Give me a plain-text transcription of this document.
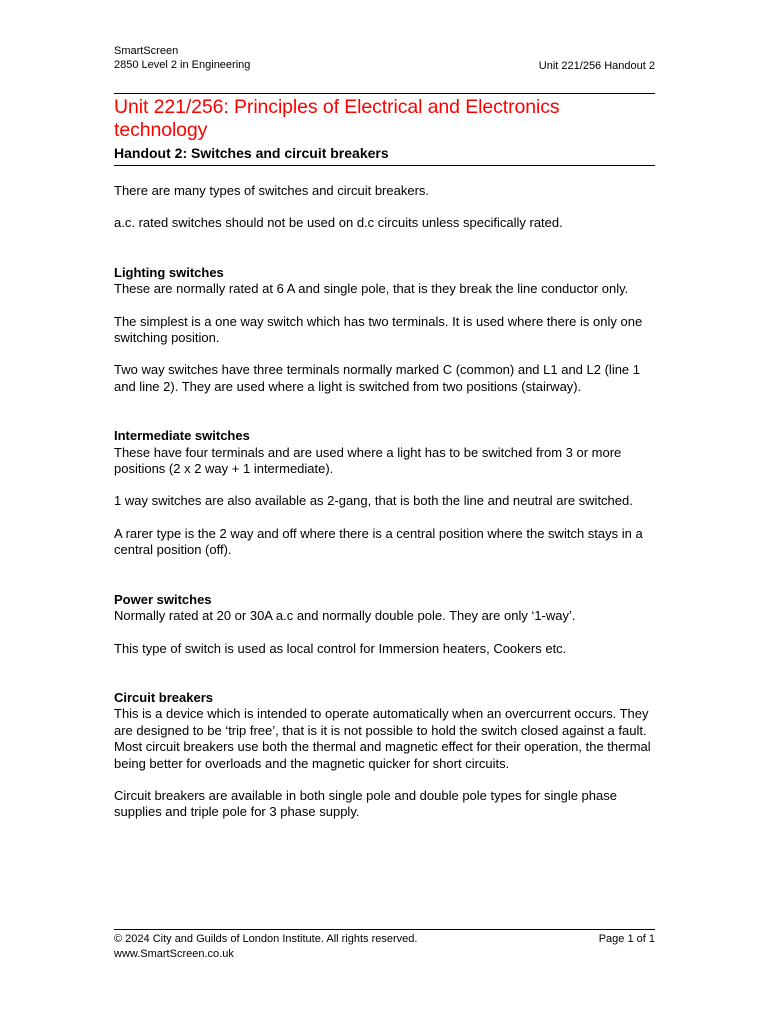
SmartScreen
2850 Level 2 in Engineering	Unit 221/256 Handout 2
Unit 221/256: Principles of Electrical and Electronics technology
Handout 2: Switches and circuit breakers

There are many types of switches and circuit breakers.

a.c. rated switches should not be used on d.c circuits unless specifically rated.

Lighting switches

These are normally rated at 6 A and single pole, that is they break the line conductor only.

The simplest is a one way switch which has two terminals. It is used where there is only one switching position.

Two way switches have three terminals normally marked C (common) and L1 and L2 (line 1 and line 2). They are used where a light is switched from two positions (stairway).

Intermediate switches

These have four terminals and are used where a light has to be switched from 3 or more positions (2 x 2 way + 1 intermediate).

1 way switches are also available as 2-gang, that is both the line and neutral are switched.

A rarer type is the 2 way and off where there is a central position where the switch stays in a central position (off).

Power switches

Normally rated at 20 or 30A a.c and normally double pole. They are only ‘1-way’.

This type of switch is used as local control for Immersion heaters, Cookers etc.

Circuit breakers

This is a device which is intended to operate automatically when an overcurrent occurs. They are designed to be ‘trip free’, that is it is not possible to hold the switch closed against a fault. Most circuit breakers use both the thermal and magnetic effect for their operation, the thermal being better for overloads and the magnetic quicker for short circuits.

Circuit breakers are available in both single pole and double pole types for single phase supplies and triple pole for 3 phase supply.

© 2024 City and Guilds of London Institute. All rights reserved.	Page 1 of 1
www.SmartScreen.co.uk
